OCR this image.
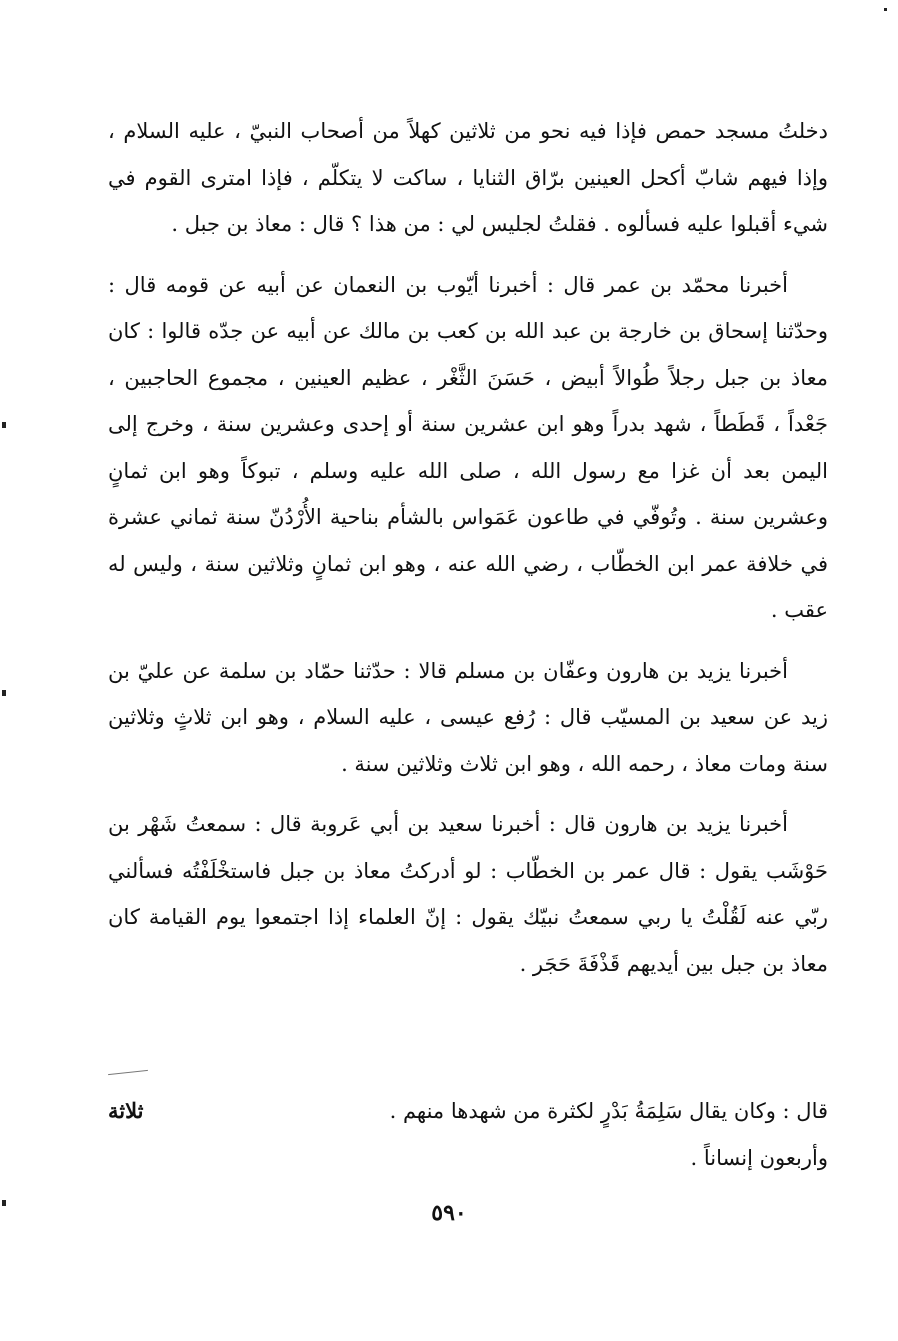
دخلتُ مسجد حمص فإذا فيه نحو من ثلاثين كهلاً من أصحاب النبيّ ، عليه السلام ، وإذا فيهم شابّ أكحل العينين برّاق الثنايا ، ساكت لا يتكلّم ، فإذا امترى القوم في شيء أقبلوا عليه فسألوه . فقلتُ لجليس لي : من هذا ؟ قال : معاذ بن جبل .

أخبرنا محمّد بن عمر قال : أخبرنا أيّوب بن النعمان عن أبيه عن قومه قال : وحدّثنا إسحاق بن خارجة بن عبد الله بن كعب بن مالك عن أبيه عن جدّه قالوا : كان معاذ بن جبل رجلاً طُوالاً أبيض ، حَسَنَ الثَّغْر ، عظيم العينين ، مجموع الحاجبين ، جَعْداً ، قَطَطاً ، شهد بدراً وهو ابن عشرين سنة أو إحدى وعشرين سنة ، وخرج إلى اليمن بعد أن غزا مع رسول الله ، صلى الله عليه وسلم ، تبوكاً وهو ابن ثمانٍ وعشرين سنة . وتُوفّي في طاعون عَمَواس بالشأم بناحية الأُرْدُنّ سنة ثماني عشرة في خلافة عمر ابن الخطّاب ، رضي الله عنه ، وهو ابن ثمانٍ وثلاثين سنة ، وليس له عقب .

أخبرنا يزيد بن هارون وعفّان بن مسلم قالا : حدّثنا حمّاد بن سلمة عن عليّ بن زيد عن سعيد بن المسيّب قال : رُفع عيسى ، عليه السلام ، وهو ابن ثلاثٍ وثلاثين سنة ومات معاذ ، رحمه الله ، وهو ابن ثلاث وثلاثين سنة .

أخبرنا يزيد بن هارون قال : أخبرنا سعيد بن أبي عَروبة قال : سمعتُ شَهْر بن حَوْشَب يقول : قال عمر بن الخطّاب : لو أدركتُ معاذ بن جبل فاستخْلَفْتُه فسألني ربّي عنه لَقُلْتُ يا ربي سمعتُ نبيّك يقول : إنّ العلماء إذا اجتمعوا يوم القيامة كان معاذ بن جبل بين أيديهم قَذْفَةَ حَجَر .

قال : وكان يقال سَلِمَةُ بَدْرٍ لكثرة من شهدها منهم .
ثلاثة
وأربعون إنساناً .
٥٩٠
